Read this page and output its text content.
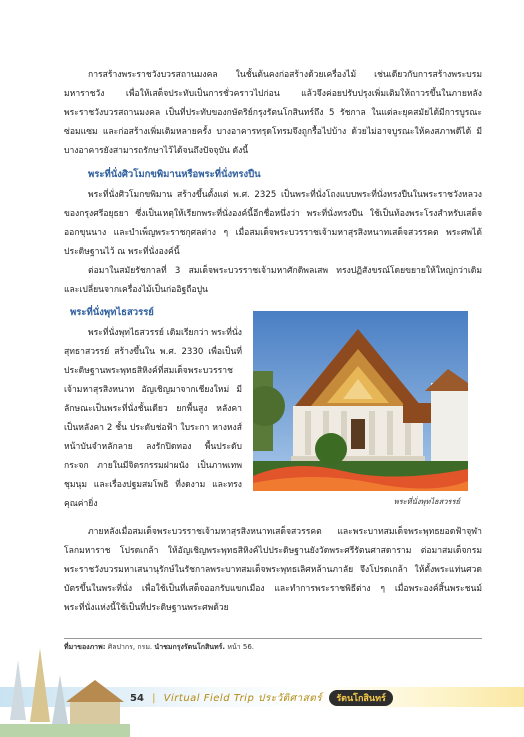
การสร้างพระราชวังบวรสถานมงคล ในชั้นต้นคงก่อสร้างด้วยเครื่องไม้ เช่นเดียวกับการสร้างพระบรมมหาราชวัง เพื่อให้เสด็จประทับเป็นการชั่วคราวไปก่อน แล้วจึงค่อยปรับปรุงเพิ่มเติมให้ถาวรขึ้นในภายหลัง พระราชวังบวรสถานมงคล เป็นที่ประทับของกษัตริย์กรุงรัตนโกสินทร์ถึง 5 รัชกาล ในแต่ละยุคสมัยได้มีการบูรณะซ่อมแซม และก่อสร้างเพิ่มเติมหลายครั้ง บางอาคารทรุดโทรมจึงถูกรื้อไปบ้าง ด้วยไม่อาจบูรณะให้คงสภาพดีได้ มีบางอาคารยังสามารถรักษาไว้ได้จนถึงปัจจุบัน ดังนี้

พระที่นั่งศิวโมกขพิมานหรือพระที่นั่งทรงปืน

พระที่นั่งศิวโมกขพิมาน สร้างขึ้นตั้งแต่ พ.ศ. 2325 เป็นพระที่นั่งโถงแบบพระที่นั่งทรงปืนในพระราชวังหลวงของกรุงศรีอยุธยา ซึ่งเป็นเหตุให้เรียกพระที่นั่งองค์นี้อีกชื่อหนึ่งว่า พระที่นั่งทรงปืน ใช้เป็นท้องพระโรงสำหรับเสด็จออกขุนนาง และบำเพ็ญพระราชกุศลต่าง ๆ เมื่อสมเด็จพระบวรราชเจ้ามหาสุรสิงหนาทเสด็จสวรรคต พระศพได้ประดิษฐานไว้ ณ พระที่นั่งองค์นี้

ต่อมาในสมัยรัชกาลที่ 3 สมเด็จพระบวรราชเจ้ามหาศักดิพลเสพ ทรงปฏิสังขรณ์โดยขยายให้ใหญ่กว่าเดิม และเปลี่ยนจากเครื่องไม้เป็นก่ออิฐถือปูน

พระที่นั่งพุทไธสวรรย์

พระที่นั่งพุทไธสวรรย์ เดิมเรียกว่า พระที่นั่งสุทธาสวรรย์ สร้างขึ้นใน พ.ศ. 2330 เพื่อเป็นที่ประดิษฐานพระพุทธสิหิงค์ที่สมเด็จพระบวรราชเจ้ามหาสุรสิงหนาท อัญเชิญมาจากเชียงใหม่ มีลักษณะเป็นพระที่นั่งชั้นเดียว ยกพื้นสูง หลังคาเป็นหลังคา 2 ชั้น ประดับช่อฟ้า ใบระกา หางหงส์ หน้าบันจำหลักลาย ลงรักปิดทอง พื้นประดับกระจก ภายในมีจิตรกรรมฝาผนัง เป็นภาพเทพชุมนุม และเรื่องปฐมสมโพธิ ที่งดงาม และทรงคุณค่ายิ่ง	พระที่นั่งพุทไธสวรรย์

ภายหลังเมื่อสมเด็จพระบวรราชเจ้ามหาสุรสิงหนาทเสด็จสวรรคต และพระบาทสมเด็จพระพุทธยอดฟ้าจุฬาโลกมหาราช โปรดเกล้า ให้อัญเชิญพระพุทธสิหิงค์ไปประดิษฐานยังวัดพระศรีรัตนศาสดาราม ต่อมาสมเด็จกรมพระราชวังบวรมหาเสนานุรักษ์ในรัชกาลพระบาทสมเด็จพระพุทธเลิศหล้านภาลัย จึงโปรดเกล้า ให้ตั้งพระแท่นศวดบัตรขึ้นในพระที่นั่ง เพื่อใช้เป็นที่เสด็จออกรับแขกเมือง และทำการพระราชพิธีต่าง ๆ เมื่อพระองค์สิ้นพระชนม์ พระที่นั่งแห่งนี้ใช้เป็นที่ประดิษฐานพระศพด้วย

ที่มาของภาพ: ศิลปากร, กรม. นำชมกรุงรัตนโกสินทร์. หน้า 56.
54 | Virtual Field Trip ประวัติศาสตร์ รัตนโกสินทร์
